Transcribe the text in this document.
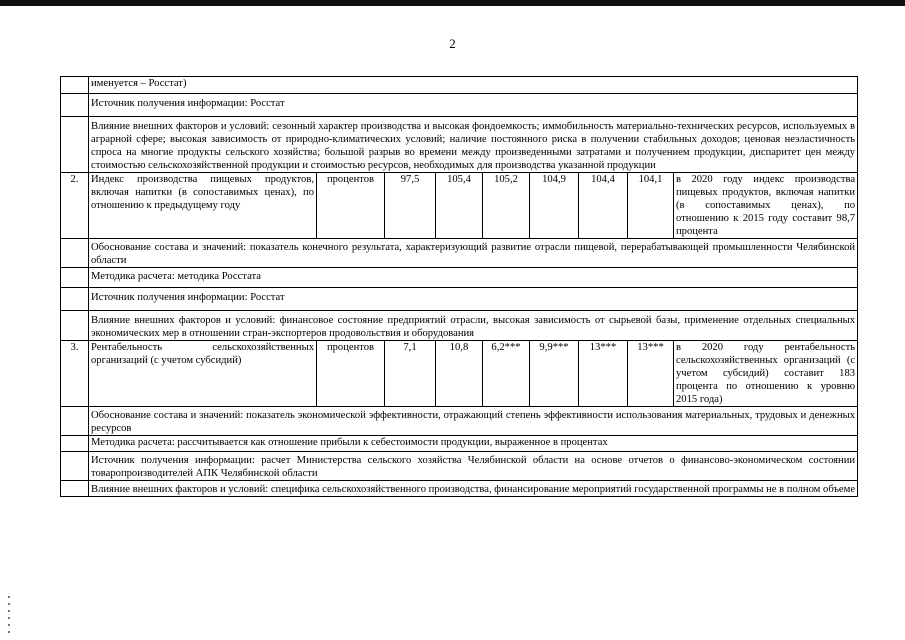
2
	именуется – Росстат)								
	Источник получения информации: Росстат								
	Влияние внешних факторов и условий: сезонный характер производства и высокая фондоемкость; иммобильность материально-технических ресурсов, используемых в аграрной сфере; высокая зависимость от природно-климатических условий; наличие постоянного риска в получении стабильных доходов; ценовая неэластичность спроса на многие продукты сельского хозяйства; большой разрыв во времени между произведенными затратами и получением продукции, диспаритет цен между стоимостью сельскохозяйственной продукции и стоимостью ресурсов, необходимых для производства указанной продукции								
2.	Индекс производства пищевых продуктов, включая напитки (в сопоставимых ценах), по отношению к предыдущему году	процентов	97,5	105,4	105,2	104,9	104,4	104,1	в 2020 году индекс производства пищевых продуктов, включая напитки (в сопоставимых ценах), по отношению к 2015 году составит 98,7 процента
	Обоснование состава и значений: показатель конечного результата, характеризующий развитие отрасли пищевой, перерабатывающей промышленности Челябинской области								
	Методика расчета: методика Росстата								
	Источник получения информации: Росстат								
	Влияние внешних факторов и условий: финансовое состояние предприятий отрасли, высокая зависимость от сырьевой базы, применение отдельных специальных экономических мер в отношении стран-экспортеров продовольствия и оборудования								
3.	Рентабельность сельскохозяйственных организаций (с учетом субсидий)	процентов	7,1	10,8	6,2***	9,9***	13***	13***	в 2020 году рентабельность сельскохозяйственных организаций (с учетом субсидий) составит 183 процента по отношению к уровню 2015 года)
	Обоснование состава и значений: показатель экономической эффективности, отражающий степень эффективности использования материальных, трудовых и денежных ресурсов								
	Методика расчета: рассчитывается как отношение прибыли к себестоимости продукции, выраженное в процентах								
	Источник получения информации: расчет Министерства сельского хозяйства Челябинской области на основе отчетов о финансово-экономическом состоянии товаропроизводителей АПК Челябинской области								
	Влияние внешних факторов и условий: специфика сельскохозяйственного производства, финансирование мероприятий государственной программы не в полном объеме								
